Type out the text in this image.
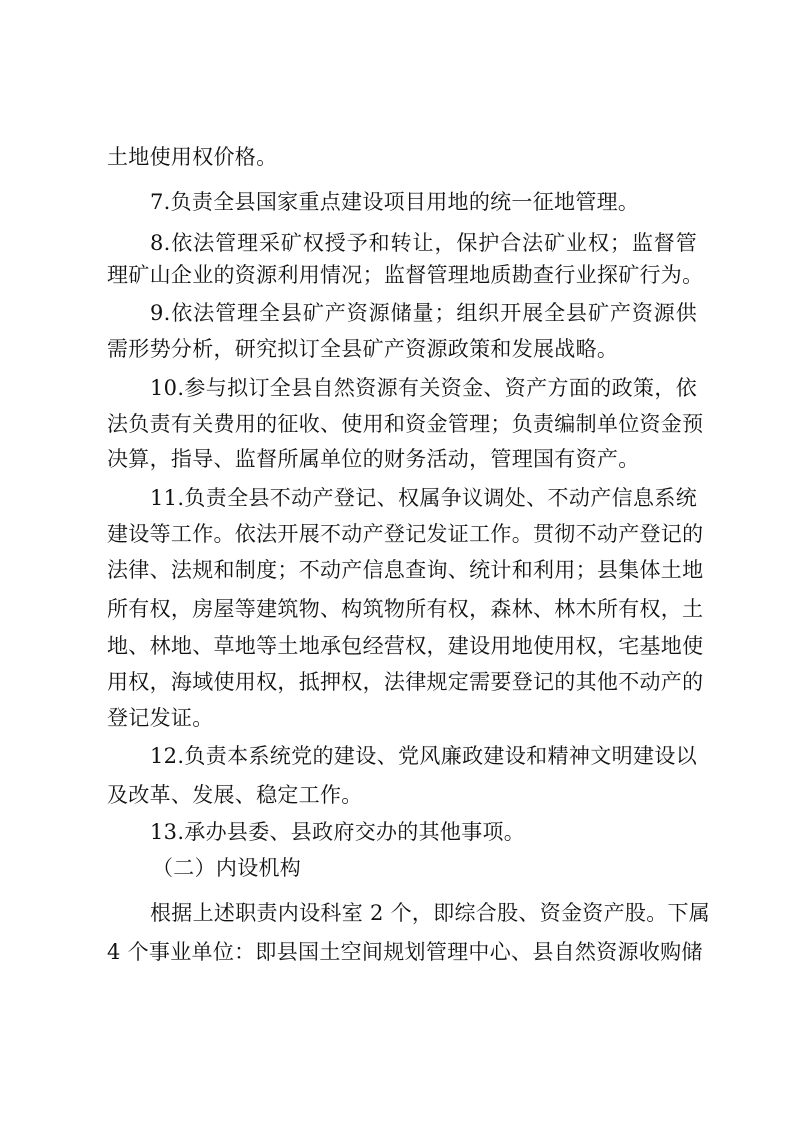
土地使用权价格。
7.负责全县国家重点建设项目用地的统一征地管理。
8.依法管理采矿权授予和转让，保护合法矿业权；监督管
理矿山企业的资源利用情况；监督管理地质勘查行业探矿行为。
9.依法管理全县矿产资源储量；组织开展全县矿产资源供
需形势分析，研究拟订全县矿产资源政策和发展战略。
10.参与拟订全县自然资源有关资金、资产方面的政策，依
法负责有关费用的征收、使用和资金管理；负责编制单位资金预
决算，指导、监督所属单位的财务活动，管理国有资产。
11.负责全县不动产登记、权属争议调处、不动产信息系统
建设等工作。依法开展不动产登记发证工作。贯彻不动产登记的
法律、法规和制度；不动产信息查询、统计和利用；县集体土地
所有权，房屋等建筑物、构筑物所有权，森林、林木所有权，土
地、林地、草地等土地承包经营权，建设用地使用权，宅基地使
用权，海域使用权，抵押权，法律规定需要登记的其他不动产的
登记发证。
12.负责本系统党的建设、党风廉政建设和精神文明建设以
及改革、发展、稳定工作。
13.承办县委、县政府交办的其他事项。
（二）内设机构
根据上述职责内设科室 2 个，即综合股、资金资产股。下属
4 个事业单位：即县国土空间规划管理中心、县自然资源收购储
